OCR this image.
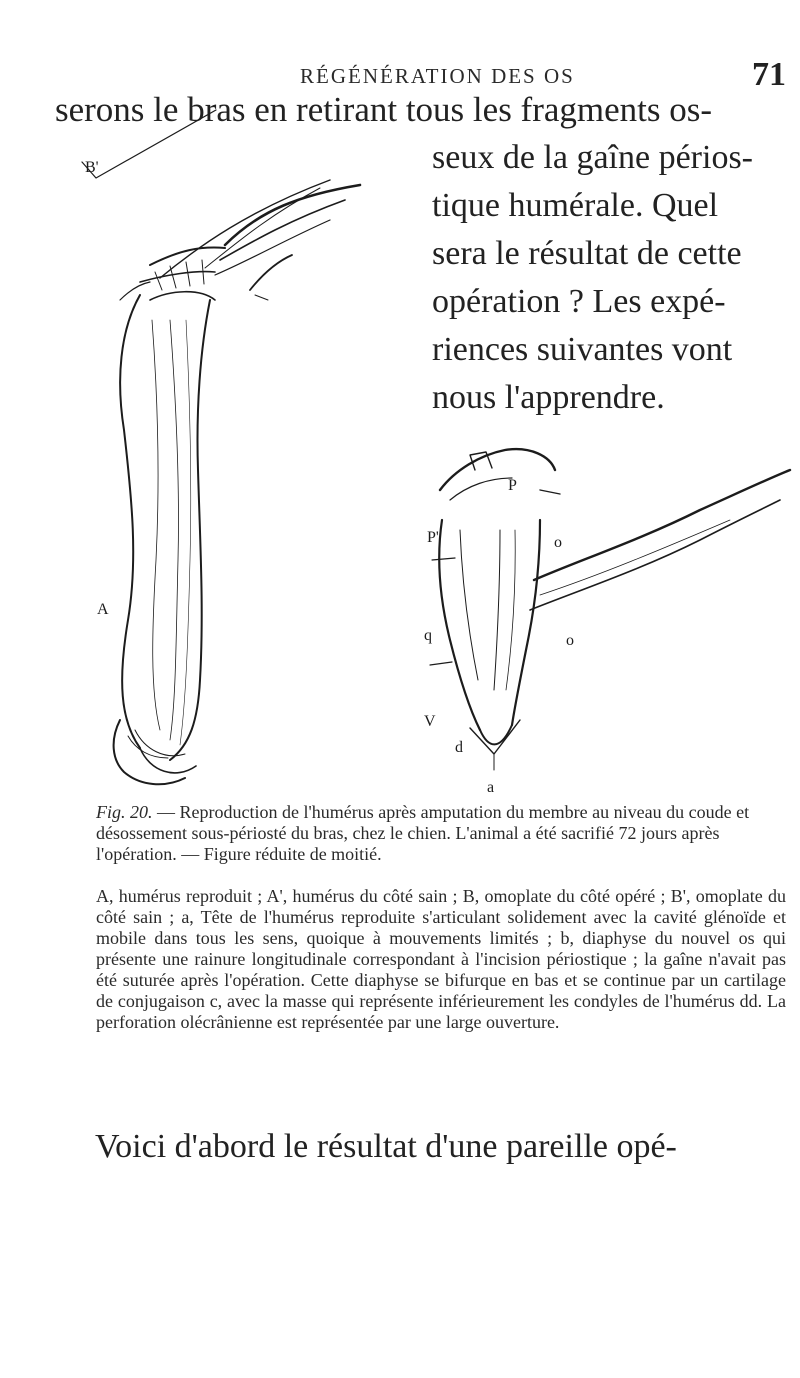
RÉGÉNÉRATION DES OS	71
serons le bras en retirant tous les fragments os-
seux de la gaîne périos-
tique humérale. Quel
sera le résultat de cette
opération ? Les expé-
riences suivantes vont
nous l'apprendre.
B'
A
P
P'	o
o
q
V
d
a
Fig. 20. — Reproduction de l'humérus après amputation du membre au niveau du coude et désossement sous-périosté du bras, chez le chien. L'animal a été sacrifié 72 jours après l'opération. — Figure réduite de moitié.
A, humérus reproduit ; A', humérus du côté sain ; B, omoplate du côté opéré ; B', omoplate du côté sain ; a, Tête de l'humérus reproduite s'articulant solidement avec la cavité glénoïde et mobile dans tous les sens, quoique à mouvements limités ; b, diaphyse du nouvel os qui présente une rainure longitudinale correspondant à l'incision périostique ; la gaîne n'avait pas été suturée après l'opération. Cette diaphyse se bifurque en bas et se continue par un cartilage de conjugaison c, avec la masse qui représente inférieurement les condyles de l'humérus dd. La perforation olécrânienne est représentée par une large ouverture.
Voici d'abord le résultat d'une pareille opé-
